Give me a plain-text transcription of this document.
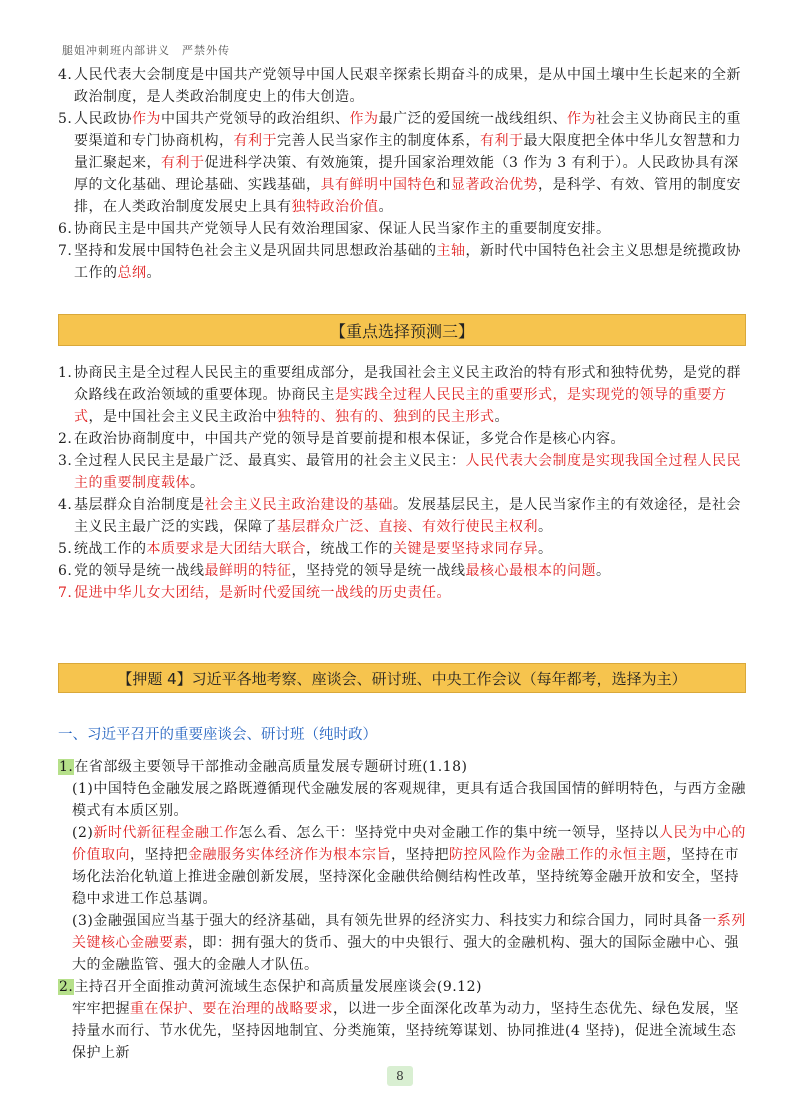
腿姐冲刺班内部讲义　严禁外传
4. 人民代表大会制度是中国共产党领导中国人民艰辛探索长期奋斗的成果，是从中国土壤中生长起来的全新政治制度，是人类政治制度史上的伟大创造。
5. 人民政协作为中国共产党领导的政治组织、作为最广泛的爱国统一战线组织、作为社会主义协商民主的重要渠道和专门协商机构，有利于完善人民当家作主的制度体系，有利于最大限度把全体中华儿女智慧和力量汇聚起来，有利于促进科学决策、有效施策，提升国家治理效能（3 作为 3 有利于）。人民政协具有深厚的文化基础、理论基础、实践基础，具有鲜明中国特色和显著政治优势，是科学、有效、管用的制度安排，在人类政治制度发展史上具有独特政治价值。
6. 协商民主是中国共产党领导人民有效治理国家、保证人民当家作主的重要制度安排。
7. 坚持和发展中国特色社会主义是巩固共同思想政治基础的主轴，新时代中国特色社会主义思想是统揽政协工作的总纲。
【重点选择预测三】
1. 协商民主是全过程人民民主的重要组成部分，是我国社会主义民主政治的特有形式和独特优势，是党的群众路线在政治领域的重要体现。协商民主是实践全过程人民民主的重要形式，是实现党的领导的重要方式，是中国社会主义民主政治中独特的、独有的、独到的民主形式。
2. 在政治协商制度中，中国共产党的领导是首要前提和根本保证，多党合作是核心内容。
3. 全过程人民民主是最广泛、最真实、最管用的社会主义民主：人民代表大会制度是实现我国全过程人民民主的重要制度载体。
4. 基层群众自治制度是社会主义民主政治建设的基础。发展基层民主，是人民当家作主的有效途径，是社会主义民主最广泛的实践，保障了基层群众广泛、直接、有效行使民主权利。
5. 统战工作的本质要求是大团结大联合，统战工作的关键是要坚持求同存异。
6. 党的领导是统一战线最鲜明的特征，坚持党的领导是统一战线最核心最根本的问题。
7. 促进中华儿女大团结，是新时代爱国统一战线的历史责任。
【押题 4】习近平各地考察、座谈会、研讨班、中央工作会议（每年都考，选择为主）
一、习近平召开的重要座谈会、研讨班（纯时政）
1.在省部级主要领导干部推动金融高质量发展专题研讨班(1.18)
(1)中国特色金融发展之路既遵循现代金融发展的客观规律，更具有适合我国国情的鲜明特色，与西方金融模式有本质区别。
(2)新时代新征程金融工作怎么看、怎么干：坚持党中央对金融工作的集中统一领导，坚持以人民为中心的价值取向，坚持把金融服务实体经济作为根本宗旨，坚持把防控风险作为金融工作的永恒主题，坚持在市场化法治化轨道上推进金融创新发展，坚持深化金融供给侧结构性改革，坚持统筹金融开放和安全，坚持稳中求进工作总基调。
(3)金融强国应当基于强大的经济基础，具有领先世界的经济实力、科技实力和综合国力，同时具备一系列关键核心金融要素，即：拥有强大的货币、强大的中央银行、强大的金融机构、强大的国际金融中心、强大的金融监管、强大的金融人才队伍。
2.主持召开全面推动黄河流域生态保护和高质量发展座谈会(9.12)
牢牢把握重在保护、要在治理的战略要求，以进一步全面深化改革为动力，坚持生态优先、绿色发展，坚持量水而行、节水优先，坚持因地制宜、分类施策，坚持统筹谋划、协同推进(4 坚持)，促进全流域生态保护上新
8
